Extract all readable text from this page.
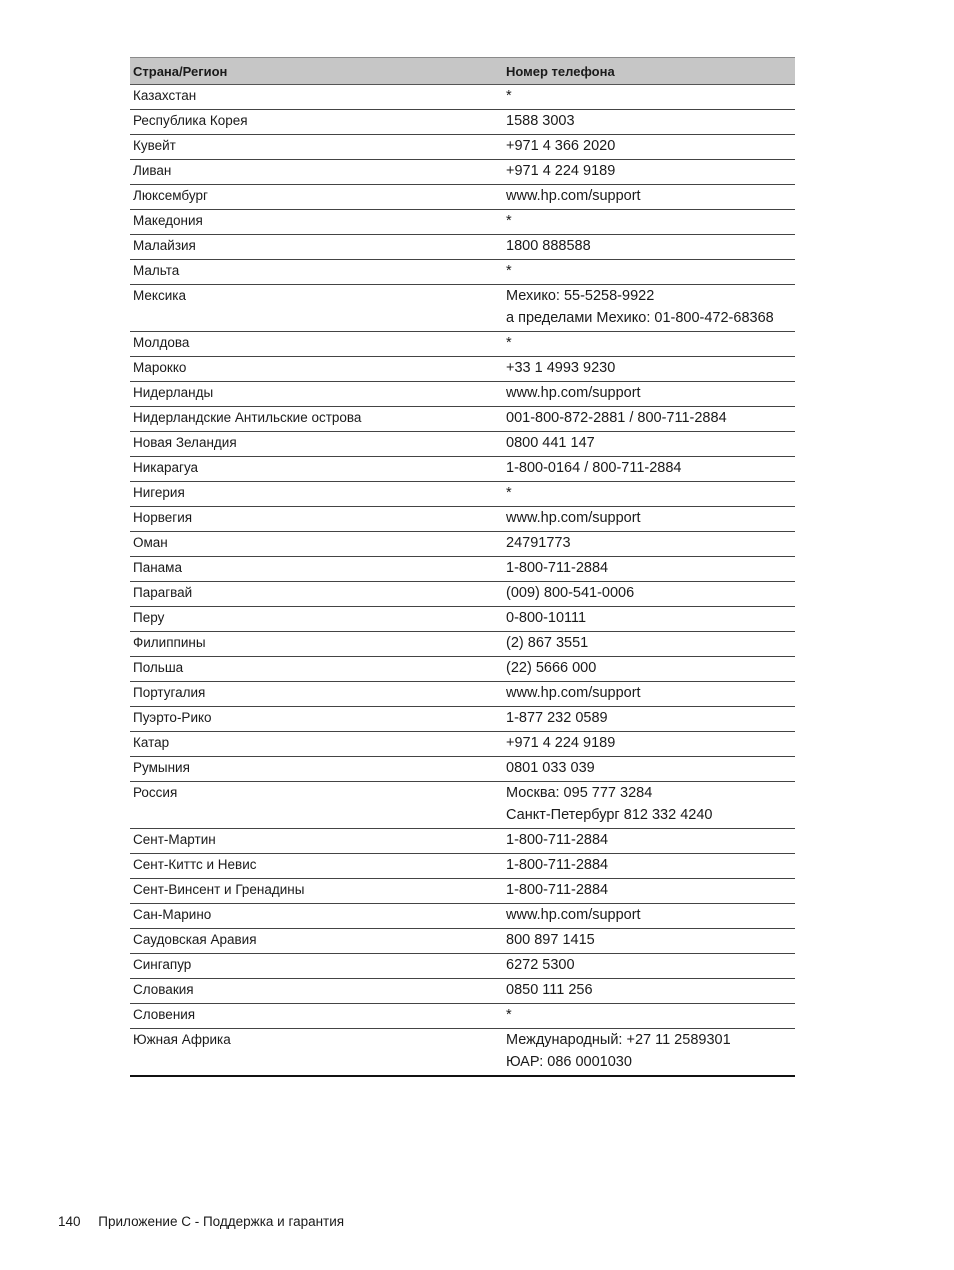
Страна/Регион	Номер телефона
Казахстан	*
Республика Корея	1588 3003
Кувейт	+971 4 366 2020
Ливан	+971 4 224 9189
Люксембург	www.hp.com/support
Македония	*
Малайзия	1800 888588
Мальта	*
Мексика	Мехико: 55-5258-9922
а пределами Мехико: 01-800-472-68368
Молдова	*
Марокко	+33 1 4993 9230
Нидерланды	www.hp.com/support
Нидерландские Антильские острова	001-800-872-2881 / 800-711-2884
Новая Зеландия	0800 441 147
Никарагуа	1-800-0164 / 800-711-2884
Нигерия	*
Норвегия	www.hp.com/support
Оман	24791773
Панама	1-800-711-2884
Парагвай	(009) 800-541-0006
Перу	0-800-10111
Филиппины	(2) 867 3551
Польша	(22) 5666 000
Португалия	www.hp.com/support
Пуэрто-Рико	1-877 232 0589
Катар	+971 4 224 9189
Румыния	0801 033 039
Россия	Москва: 095 777 3284
Санкт-Петербург 812 332 4240
Сент-Мартин	1-800-711-2884
Сент-Киттс и Невис	1-800-711-2884
Сент-Винсент и Гренадины	1-800-711-2884
Сан-Марино	www.hp.com/support
Саудовская Аравия	800 897 1415
Сингапур	6272 5300
Словакия	0850 111 256
Словения	*
Южная Африка	Международный: +27 11 2589301
ЮАР: 086 0001030
140 Приложение C - Поддержка и гарантия
